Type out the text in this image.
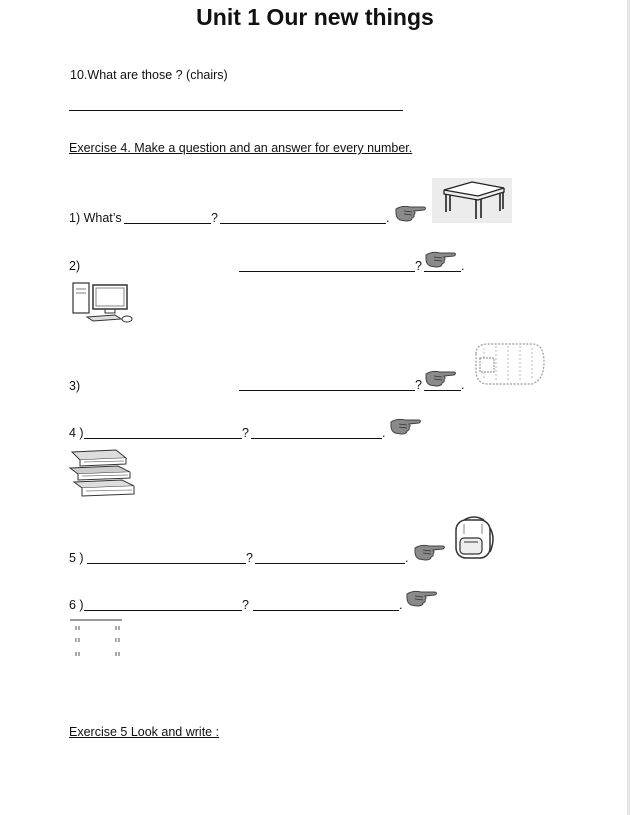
Unit 1 Our new things
10.What are those ? (chairs)
Exercise 4. Make a question and an answer for every number.
1) What’s	?	.
2)	?	.
3)	?	.
4 )	?	.
5 )	?	.
6 )	?	.
Exercise 5 Look and write :
